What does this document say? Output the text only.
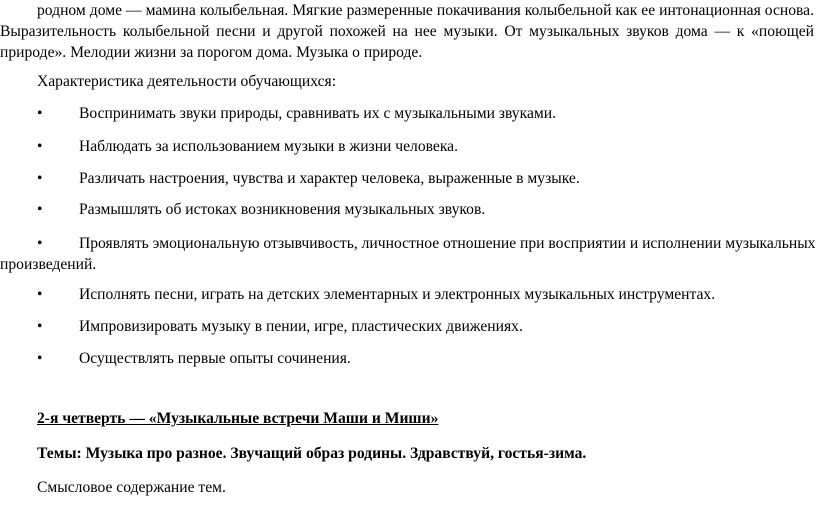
родном доме — мамина колыбельная. Мягкие размеренные покачивания колыбельной как ее интонационная основа. Выразительность колыбельной песни и другой похожей на нее музыки. От музыкальных звуков дома — к «поющей природе». Мелодии жизни за порогом дома. Музыка о природе.

Характеристика деятельности обучающихся:
• Воспринимать звуки природы, сравнивать их с музыкальными звуками.
• Наблюдать за использованием музыки в жизни человека.
• Различать настроения, чувства и характер человека, выраженные в музыке.
• Размышлять об истоках возникновения музыкальных звуков.
• Проявлять эмоциональную отзывчивость, личностное отношение при восприятии и исполнении музыкальных произведений.
• Исполнять песни, играть на детских элементарных и электронных музыкальных инструментах.
• Импровизировать музыку в пении, игре, пластических движениях.
• Осуществлять первые опыты сочинения.
2-я четверть — «Музыкальные встречи Маши и Миши»
Темы: Музыка про разное. Звучащий образ родины. Здравствуй, гостья-зима.
Смысловое содержание тем.
